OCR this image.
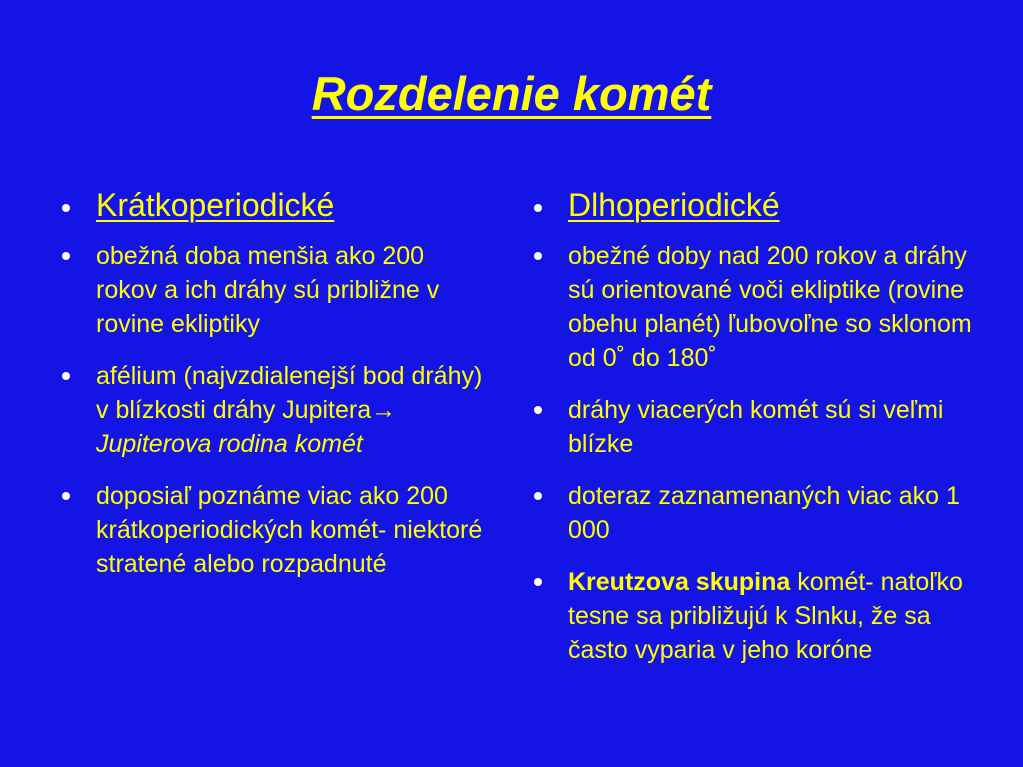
Rozdelenie komét
Krátkoperiodické
obežná doba menšia ako 200 rokov a ich dráhy sú približne v rovine ekliptiky
afélium (najvzdialenejší bod dráhy) v blízkosti dráhy Jupitera→ Jupiterova rodina komét
doposiaľ poznáme viac ako 200 krátkoperiodických komét- niektoré stratené alebo rozpadnuté
Dlhoperiodické
obežné doby nad 200 rokov a dráhy sú orientované voči ekliptike (rovine obehu planét) ľubovoľne so sklonom od 0˚ do 180˚
dráhy viacerých komét sú si veľmi blízke
doteraz zaznamenaných viac ako 1 000
Kreutzova skupina komét- natoľko tesne sa približujú k Slnku, že sa často vyparia v jeho koróne
